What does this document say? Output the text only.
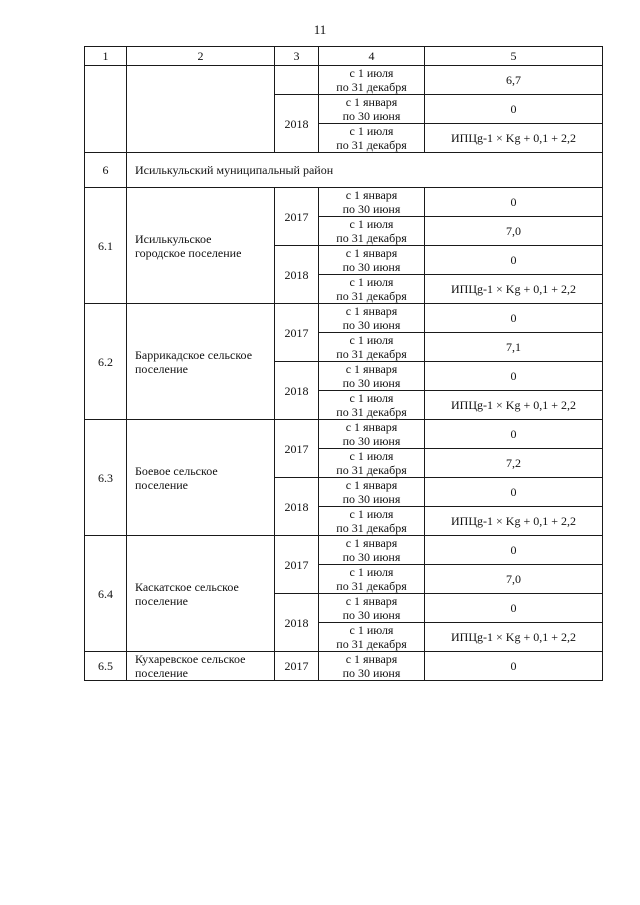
11
1	2	3	4	5

			с 1 июля
по 31 декабря	6,7
		2018	с 1 января
по 30 июня	0

			с 1 июля
по 31 декабря	ИПЦg-1 × Kg + 0,1 + 2,2
6	Исилькульский муниципальный район			
6.1	Исилькульское
городское поселение	2017	с 1 января
по 30 июня	0

			с 1 июля
по 31 декабря	7,0
		2018	с 1 января
по 30 июня	0

			с 1 июля
по 31 декабря	ИПЦg-1 × Kg + 0,1 + 2,2
6.2	Баррикадское сельское
поселение	2017	с 1 января
по 30 июня	0

			с 1 июля
по 31 декабря	7,1
		2018	с 1 января
по 30 июня	0

			с 1 июля
по 31 декабря	ИПЦg-1 × Kg + 0,1 + 2,2
6.3	Боевое сельское
поселение	2017	с 1 января
по 30 июня	0

			с 1 июля
по 31 декабря	7,2
		2018	с 1 января
по 30 июня	0

			с 1 июля
по 31 декабря	ИПЦg-1 × Kg + 0,1 + 2,2
6.4	Каскатское сельское
поселение	2017	с 1 января
по 30 июня	0

			с 1 июля
по 31 декабря	7,0
		2018	с 1 января
по 30 июня	0

			с 1 июля
по 31 декабря	ИПЦg-1 × Kg + 0,1 + 2,2
6.5	Кухаревское сельское
поселение	2017	с 1 января
по 30 июня	0
